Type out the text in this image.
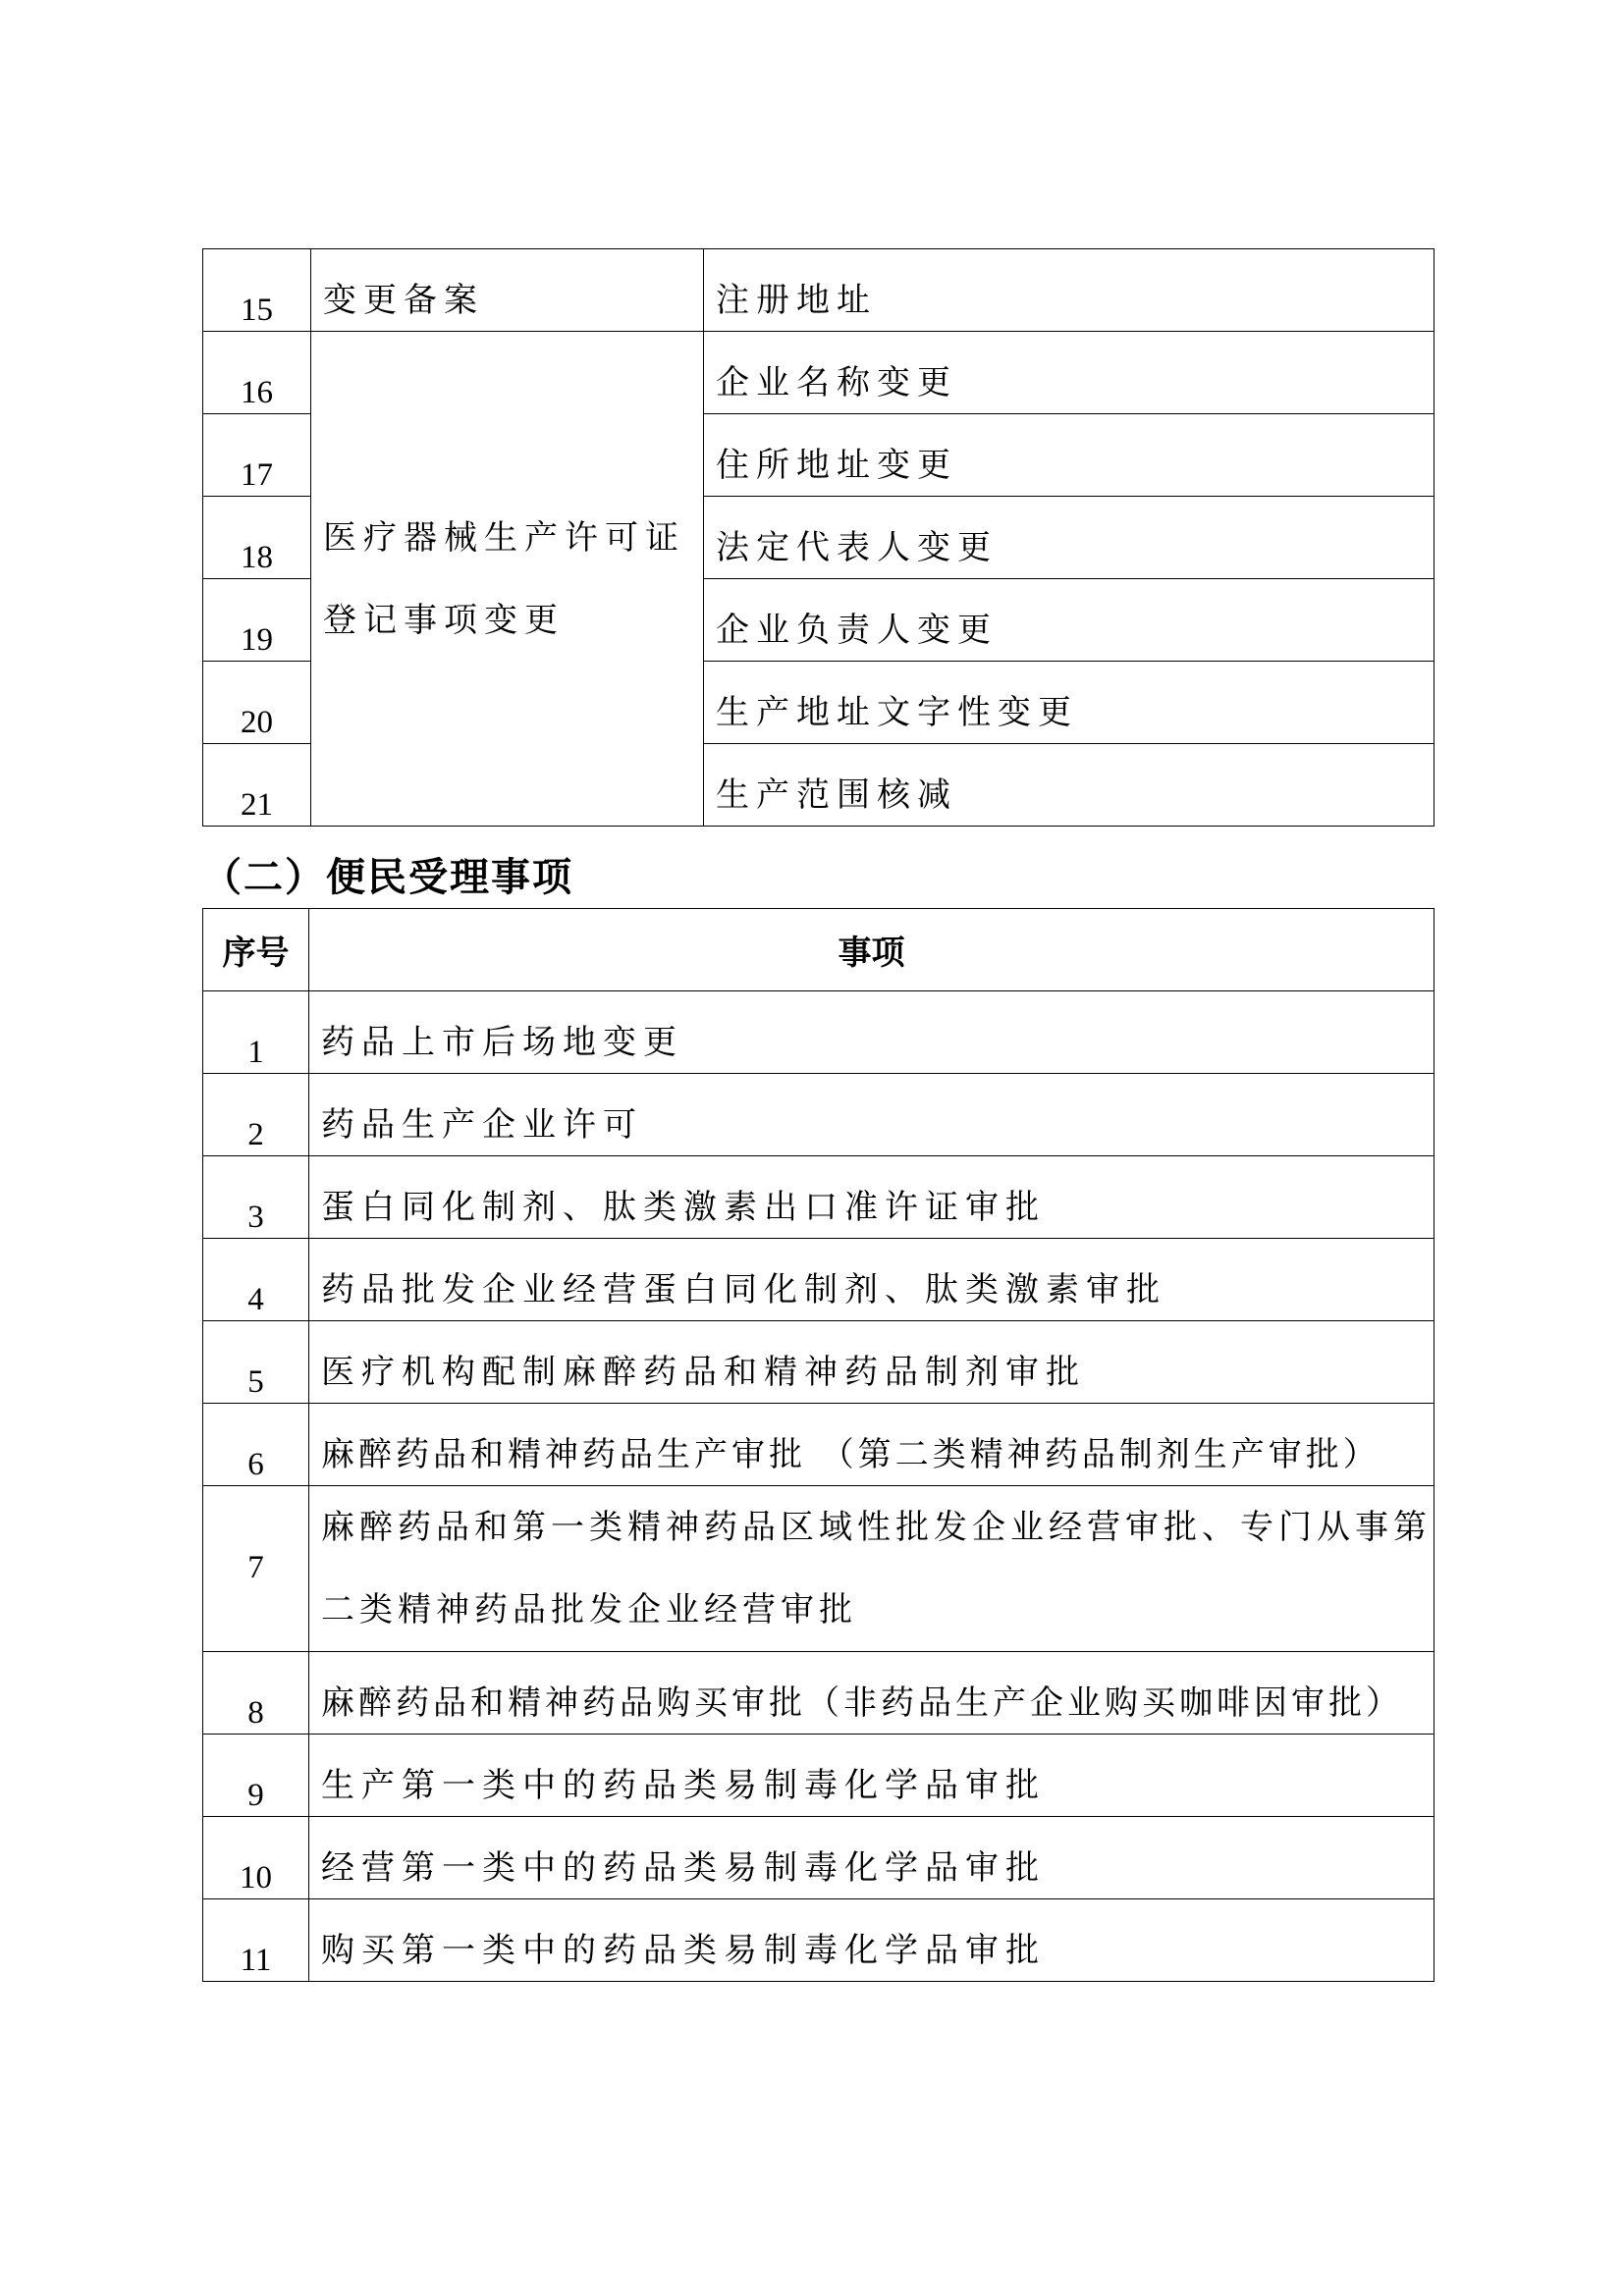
15	变更备案	注册地址
16	医疗器械生产许可证登记事项变更	企业名称变更
17		住所地址变更
18		法定代表人变更
19		企业负责人变更
20		生产地址文字性变更
21		生产范围核减
（二）便民受理事项
序号	事项
1	药品上市后场地变更
2	药品生产企业许可
3	蛋白同化制剂、肽类激素出口准许证审批
4	药品批发企业经营蛋白同化制剂、肽类激素审批
5	医疗机构配制麻醉药品和精神药品制剂审批
6	麻醉药品和精神药品生产审批 （第二类精神药品制剂生产审批）
7	麻醉药品和第一类精神药品区域性批发企业经营审批、专门从事第二类精神药品批发企业经营审批
8	麻醉药品和精神药品购买审批（非药品生产企业购买咖啡因审批）
9	生产第一类中的药品类易制毒化学品审批
10	经营第一类中的药品类易制毒化学品审批
11	购买第一类中的药品类易制毒化学品审批
